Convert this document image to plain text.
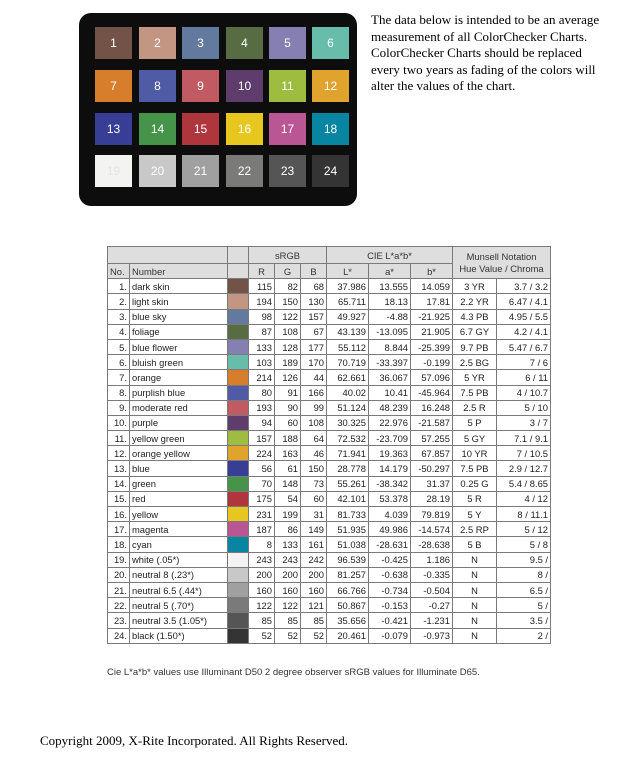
1	2	3	4	5	6
7	8	9	10	11	12
13	14	15	16	17	18
19	20	21	22	23	24
The data below is intended to be an average measurement of all ColorChecker Charts. ColorChecker Charts should be replaced every two years as fading of the colors will alter the values of the chart.
			sRGB			CIE L*a*b*			Munsell Notation
Hue Value / Chroma	
No.	Number		R	G	B	L*	a*	b*		
1.	dark skin		115	82	68	37.986	13.555	14.059	3 YR	3.7 / 3.2
2.	light skin		194	150	130	65.711	18.13	17.81	2.2 YR	6.47 / 4.1
3.	blue sky		98	122	157	49.927	-4.88	-21.925	4.3 PB	4.95 / 5.5
4.	foliage		87	108	67	43.139	-13.095	21.905	6.7 GY	4.2 / 4.1
5.	blue flower		133	128	177	55.112	8.844	-25.399	9.7 PB	5.47 / 6.7
6.	bluish green		103	189	170	70.719	-33.397	-0.199	2.5 BG	7 / 6
7.	orange		214	126	44	62.661	36.067	57.096	5 YR	6 / 11
8.	purplish blue		80	91	166	40.02	10.41	-45.964	7.5 PB	4 / 10.7
9.	moderate red		193	90	99	51.124	48.239	16.248	2.5 R	5 / 10
10.	purple		94	60	108	30.325	22.976	-21.587	5 P	3 / 7
11.	yellow green		157	188	64	72.532	-23.709	57.255	5 GY	7.1 / 9.1
12.	orange yellow		224	163	46	71.941	19.363	67.857	10 YR	7 / 10.5
13.	blue		56	61	150	28.778	14.179	-50.297	7.5 PB	2.9 / 12.7
14.	green		70	148	73	55.261	-38.342	31.37	0.25 G	5.4 / 8.65
15.	red		175	54	60	42.101	53.378	28.19	5 R	4 / 12
16.	yellow		231	199	31	81.733	4.039	79.819	5 Y	8 / 11.1
17.	magenta		187	86	149	51.935	49.986	-14.574	2.5 RP	5 / 12
18.	cyan		8	133	161	51.038	-28.631	-28.638	5 B	5 / 8
19.	white (.05*)		243	243	242	96.539	-0.425	1.186	N	9.5 /
20.	neutral 8 (.23*)		200	200	200	81.257	-0.638	-0.335	N	8 /
21.	neutral 6.5 (.44*)		160	160	160	66.766	-0.734	-0.504	N	6.5 /
22.	neutral 5 (.70*)		122	122	121	50.867	-0.153	-0.27	N	5 /
23.	neutral 3.5 (1.05*)		85	85	85	35.656	-0.421	-1.231	N	3.5 /
24.	black (1.50*)		52	52	52	20.461	-0.079	-0.973	N	2 /
Cie L*a*b* values use Illuminant D50 2 degree observer sRGB values for Illuminate D65.
Copyright 2009, X-Rite Incorporated. All Rights Reserved.
